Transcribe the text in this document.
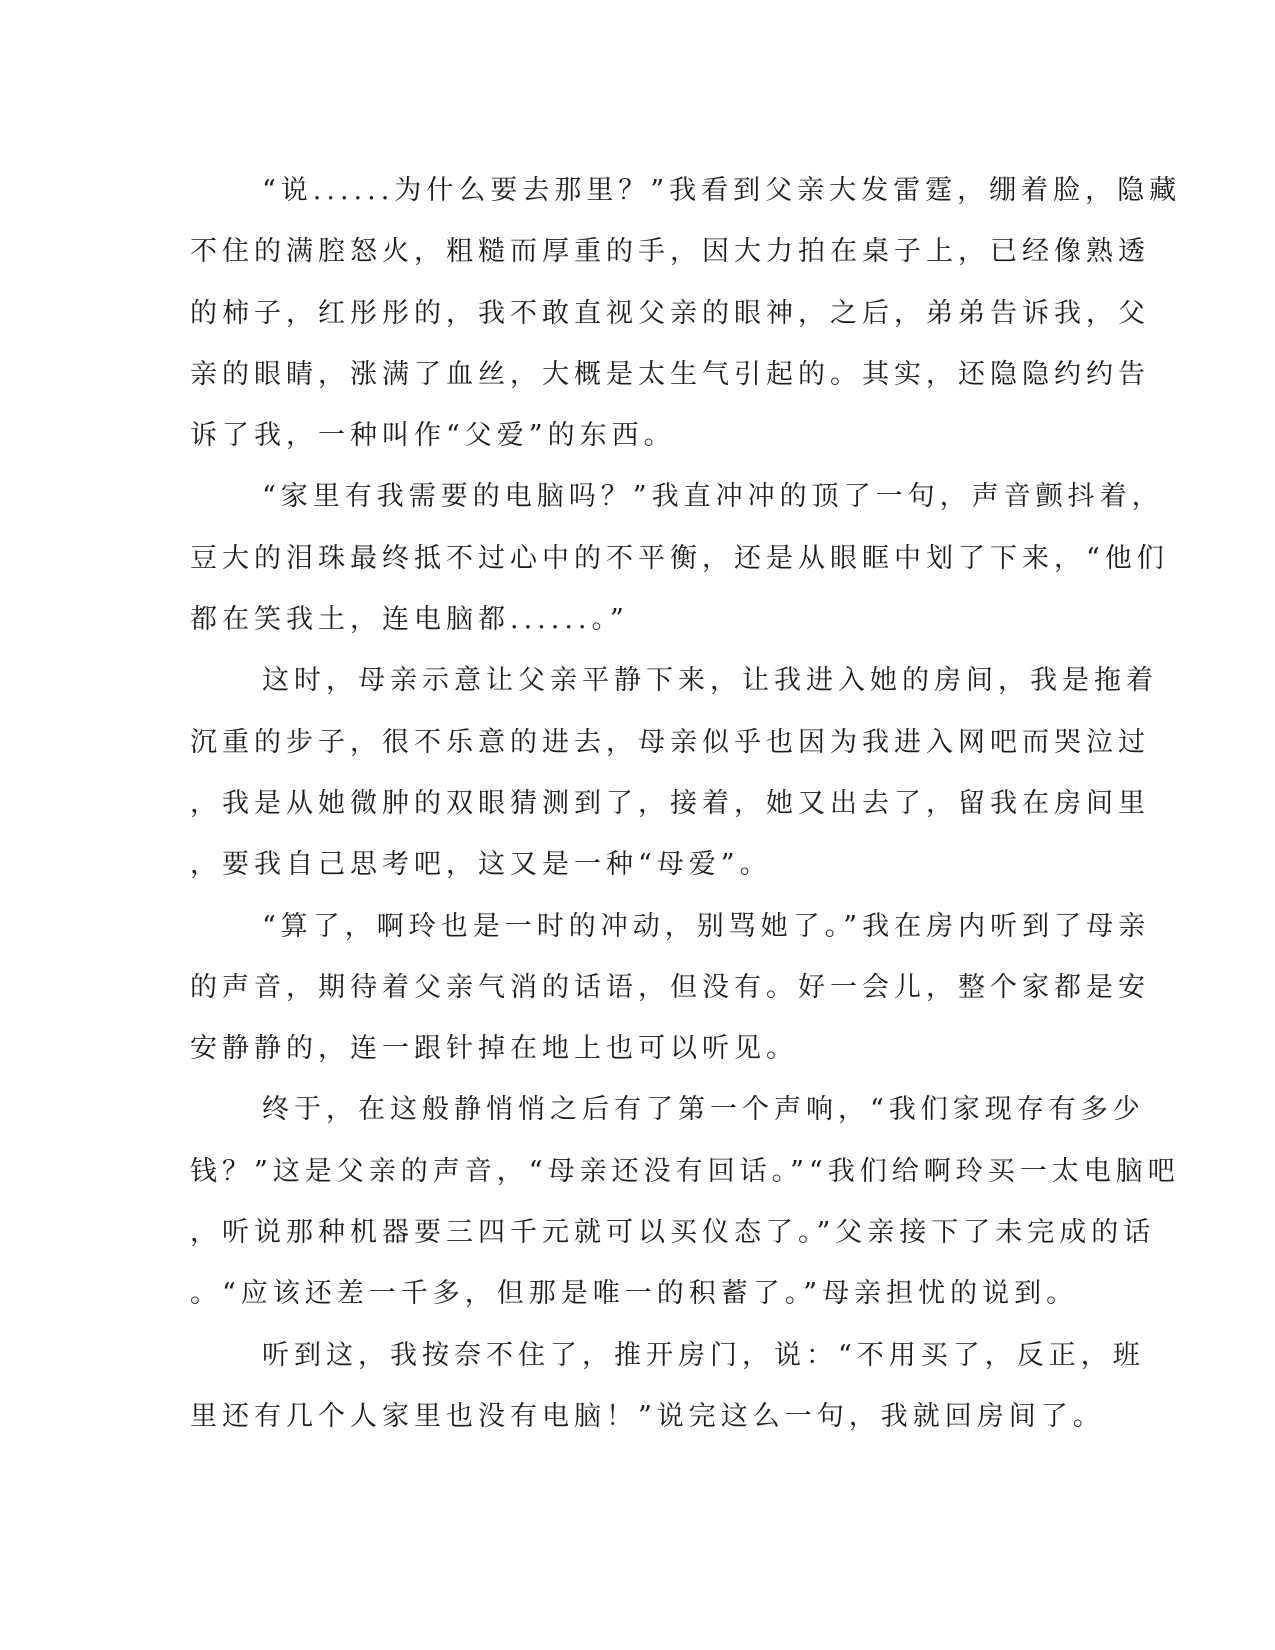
“说......为什么要去那里？”我看到父亲大发雷霆，绷着脸，隐藏
不住的满腔怒火，粗糙而厚重的手，因大力拍在桌子上，已经像熟透
的柿子，红彤彤的，我不敢直视父亲的眼神，之后，弟弟告诉我，父
亲的眼睛，涨满了血丝，大概是太生气引起的。其实，还隐隐约约告
诉了我，一种叫作“父爱”的东西。
“家里有我需要的电脑吗？”我直冲冲的顶了一句，声音颤抖着，
豆大的泪珠最终抵不过心中的不平衡，还是从眼眶中划了下来，“他们
都在笑我土，连电脑都......。”
这时，母亲示意让父亲平静下来，让我进入她的房间，我是拖着
沉重的步子，很不乐意的进去，母亲似乎也因为我进入网吧而哭泣过
，我是从她微肿的双眼猜测到了，接着，她又出去了，留我在房间里
，要我自己思考吧，这又是一种“母爱”。
“算了，啊玲也是一时的冲动，别骂她了。”我在房内听到了母亲
的声音，期待着父亲气消的话语，但没有。好一会儿，整个家都是安
安静静的，连一跟针掉在地上也可以听见。
终于，在这般静悄悄之后有了第一个声响，“我们家现存有多少
钱？”这是父亲的声音，“母亲还没有回话。”“我们给啊玲买一太电脑吧
，听说那种机器要三四千元就可以买仪态了。”父亲接下了未完成的话
。“应该还差一千多，但那是唯一的积蓄了。”母亲担忧的说到。
听到这，我按奈不住了，推开房门，说：“不用买了，反正，班
里还有几个人家里也没有电脑！”说完这么一句，我就回房间了。
